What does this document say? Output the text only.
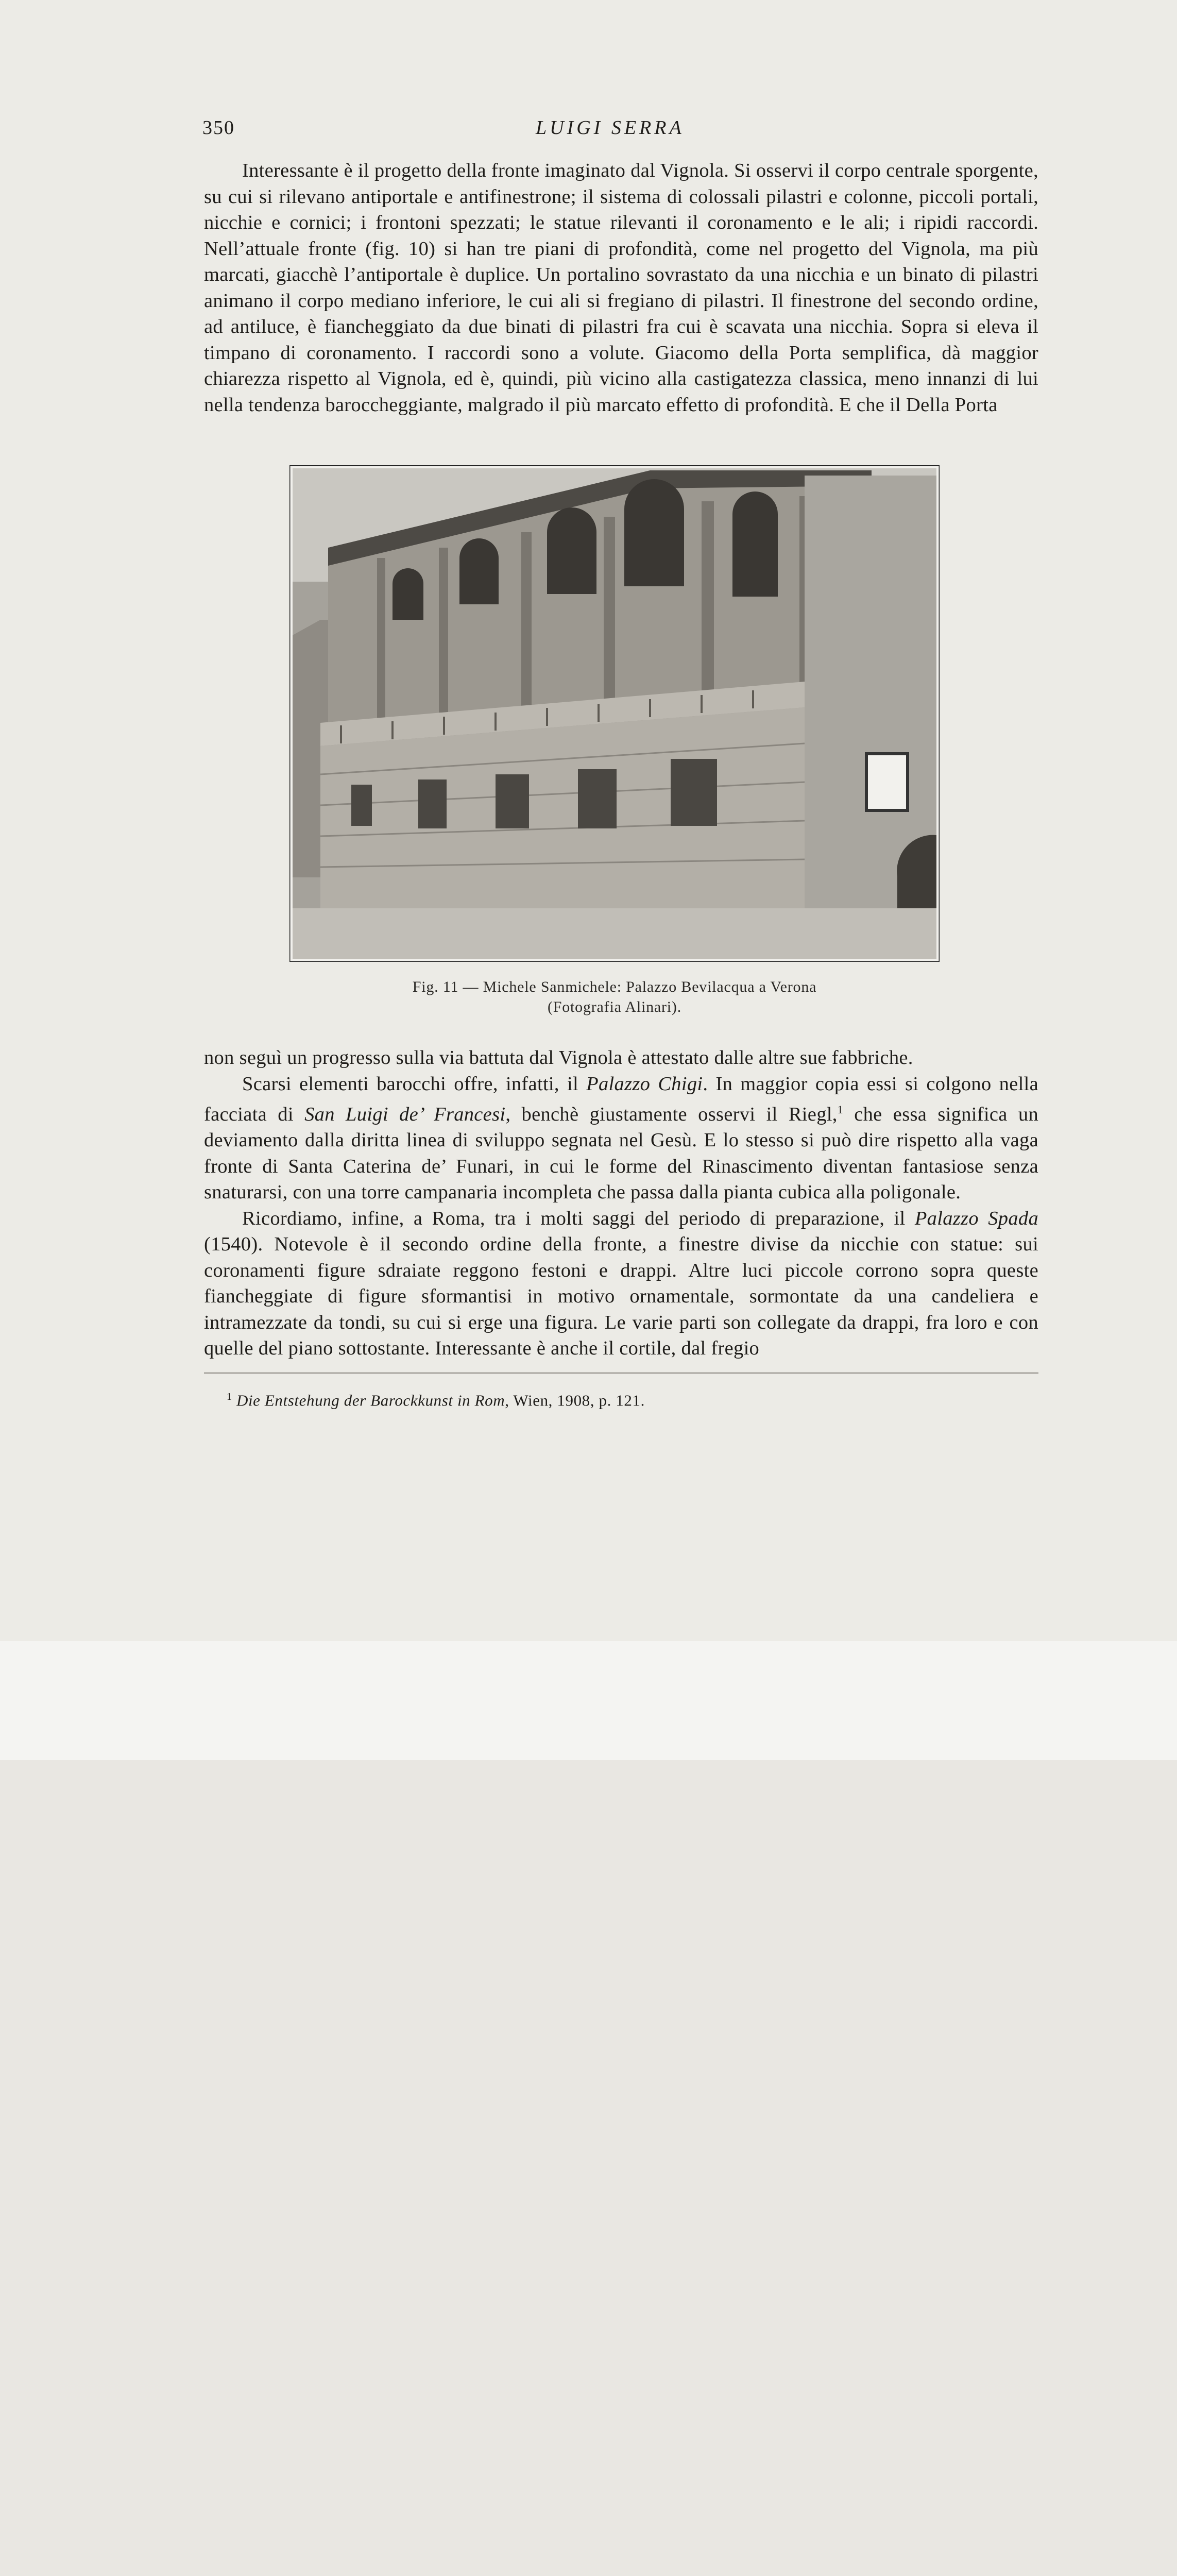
350	LUIGI SERRA

Interessante è il progetto della fronte imaginato dal Vignola. Si osservi il corpo centrale sporgente, su cui si rilevano antiportale e antifinestrone; il sistema di colossali pilastri e colonne, piccoli portali, nicchie e cornici; i frontoni spezzati; le statue rilevanti il coronamento e le ali; i ripidi raccordi. Nell’attuale fronte (fig. 10) si han tre piani di profondità, come nel progetto del Vignola, ma più marcati, giacchè l’antiportale è duplice. Un portalino sovrastato da una nicchia e un binato di pilastri animano il corpo mediano inferiore, le cui ali si fregiano di pilastri. Il finestrone del secondo ordine, ad antiluce, è fiancheggiato da due binati di pilastri fra cui è scavata una nicchia. Sopra si eleva il timpano di coronamento. I raccordi sono a volute. Giacomo della Porta semplifica, dà maggior chiarezza rispetto al Vignola, ed è, quindi, più vicino alla castigatezza classica, meno innanzi di lui nella tendenza baroccheggiante, malgrado il più marcato effetto di profondità. E che il Della Porta

Fig. 11 — Michele Sanmichele: Palazzo Bevilacqua a Verona
(Fotografia Alinari).

non seguì un progresso sulla via battuta dal Vignola è attestato dalle altre sue fabbriche.

Scarsi elementi barocchi offre, infatti, il Palazzo Chigi. In maggior copia essi si colgono nella facciata di San Luigi de’ Francesi, benchè giustamente osservi il Riegl,$^1$ che essa significa un deviamento dalla diritta linea di sviluppo segnata nel Gesù. E lo stesso si può dire rispetto alla vaga fronte di Santa Caterina de’ Funari, in cui le forme del Rinascimento diventan fantasiose senza snaturarsi, con una torre campanaria incompleta che passa dalla pianta cubica alla poligonale.

Ricordiamo, infine, a Roma, tra i molti saggi del periodo di preparazione, il Palazzo Spada (1540). Notevole è il secondo ordine della fronte, a finestre divise da nicchie con statue: sui coronamenti figure sdraiate reggono festoni e drappi. Altre luci piccole corrono sopra queste fiancheggiate di figure sformantisi in motivo ornamentale, sormontate da una candeliera e intramezzate da tondi, su cui si erge una figura. Le varie parti son collegate da drappi, fra loro e con quelle del piano sottostante. Interessante è anche il cortile, dal fregio

$^1$ Die Entstehung der Barockkunst in Rom, Wien, 1908, p. 121.
